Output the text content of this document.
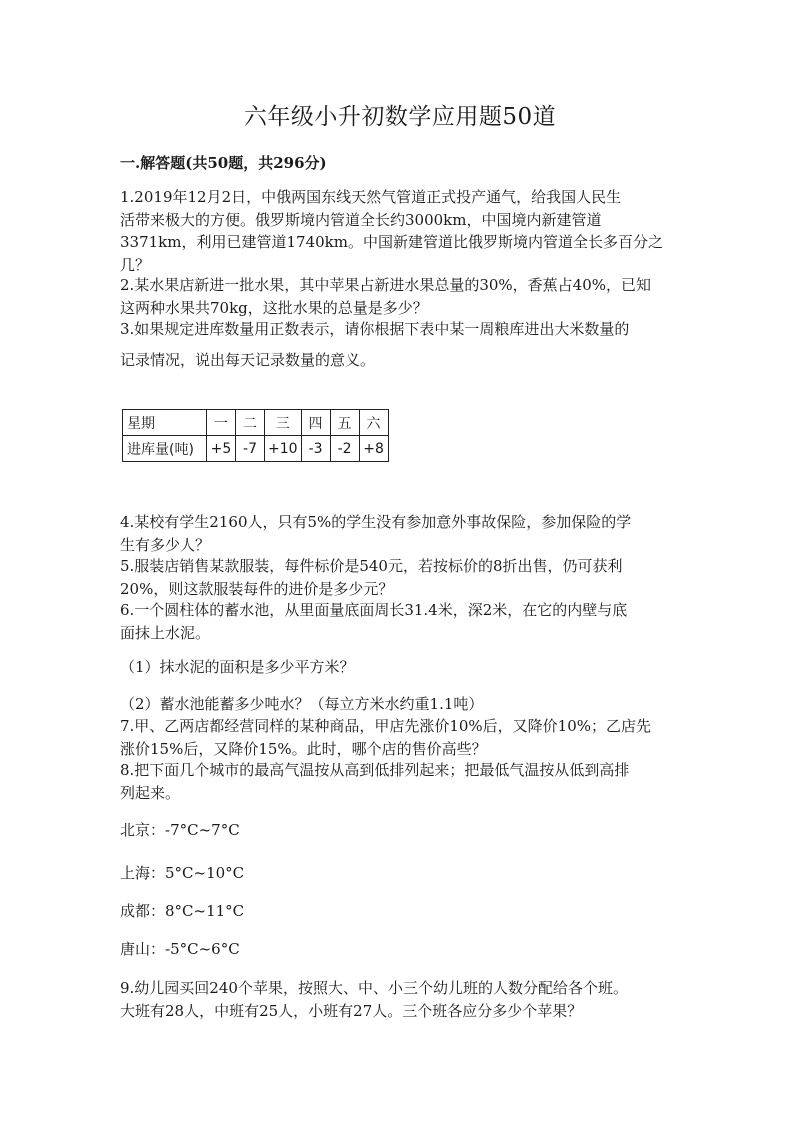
六年级小升初数学应用题50道
一.解答题(共50题，共296分)

1.2019年12月2日，中俄两国东线天然气管道正式投产通气，给我国人民生

活带来极大的方便。俄罗斯境内管道全长约3000km，中国境内新建管道

3371km，利用已建管道1740km。中国新建管道比俄罗斯境内管道全长多百分之

几？

2.某水果店新进一批水果，其中苹果占新进水果总量的30%，香蕉占40%，已知

这两种水果共70kg，这批水果的总量是多少？

3.如果规定进库数量用正数表示，请你根据下表中某一周粮库进出大米数量的

记录情况，说出每天记录数量的意义。

星期	一	二	三	四	五	六
进库量(吨)	+5	-7	+10	-3	-2	+8

4.某校有学生2160人，只有5%的学生没有参加意外事故保险，参加保险的学

生有多少人？

5.服装店销售某款服装，每件标价是540元，若按标价的8折出售，仍可获利

20%，则这款服装每件的进价是多少元？

6.一个圆柱体的蓄水池，从里面量底面周长31.4米，深2米，在它的内壁与底

面抹上水泥。

（1）抹水泥的面积是多少平方米？
（2）蓄水池能蓄多少吨水？（每立方米水约重1.1吨）

7.甲、乙两店都经营同样的某种商品，甲店先涨价10%后，又降价10%；乙店先

涨价15%后，又降价15%。此时，哪个店的售价高些？

8.把下面几个城市的最高气温按从高到低排列起来；把最低气温按从低到高排

列起来。

北京：-7°C~7°C
上海：5°C~10°C
成都：8°C~11°C
唐山：-5°C~6°C

9.幼儿园买回240个苹果，按照大、中、小三个幼儿班的人数分配给各个班。

大班有28人，中班有25人，小班有27人。三个班各应分多少个苹果？
